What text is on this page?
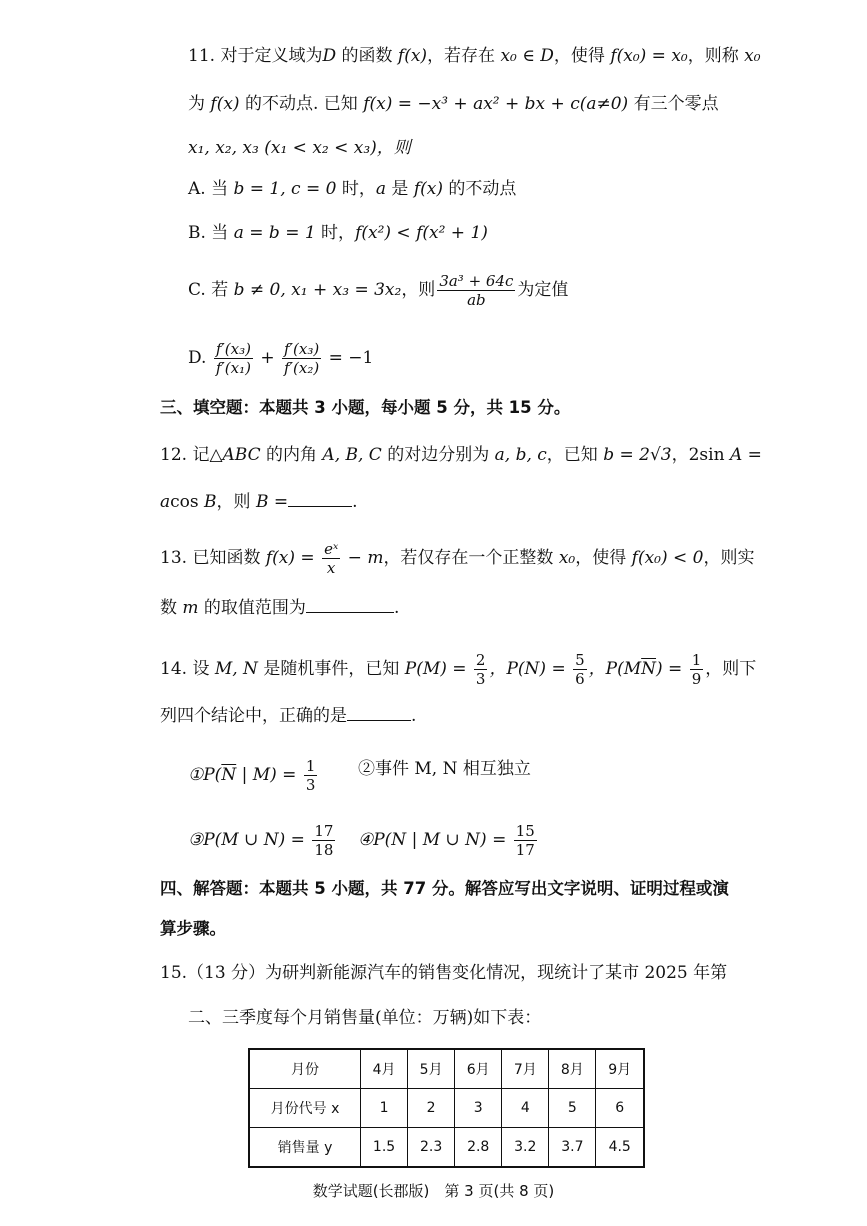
11. 对于定义域为D 的函数 f(x)，若存在 x₀ ∈ D，使得 f(x₀) = x₀，则称 x₀
为 f(x) 的不动点. 已知 f(x) = −x³ + ax² + bx + c(a≠0) 有三个零点
x₁, x₂, x₃ (x₁ < x₂ < x₃)，则
A. 当 b = 1, c = 0 时，a 是 f(x) 的不动点
B. 当 a = b = 1 时，f(x²) < f(x² + 1)
C. 若 b ≠ 0, x₁ + x₃ = 3x₂，则 $\frac{\text{3a³ + 64c}}{ab}$ 为定值
D. $\frac{\text{f′(x₃)}}{\text{f′(x₁)}} + \frac{\text{f′(x₃)}}{\text{f′(x₂)}} = -1$
三、填空题：本题共 3 小题，每小题 5 分，共 15 分。
12. 记△ABC 的内角 A, B, C 的对边分别为 a, b, c，已知 b = 2√3，2sin A =
acos B，则 B =	.
13. 已知函数 $f(x) = \frac{\text{eˣ}}{x} - m$，若仅存在一个正整数 x₀，使得 f(x₀) < 0，则实
数 m 的取值范围为	.
14. 设 M, N 是随机事件，已知 $P(M) = \frac{2}{3}$ ，$P(N) = \frac{5}{6}$ ，$P(M\overline{N}) = \frac{1}{9}$ ，则下
列四个结论中，正确的是	.
$①P(\overline{N}$ | $M) = \frac{1}{3}$ ②事件 M, N 相互独立
③P(M ∪ $N) = \frac{17}{18}$ ④P(N | M ∪ $N) = \frac{15}{17}$
四、解答题：本题共 5 小题，共 77 分。解答应写出文字说明、证明过程或演
算步骤。
15.（13 分）为研判新能源汽车的销售变化情况，现统计了某市 2025 年第
二、三季度每个月销售量(单位：万辆)如下表：
月份	4月	5月	6月	7月	8月	9月
月份代号 x	1	2	3	4	5	6
销售量 y	1.5	2.3	2.8	3.2	3.7	4.5
数学试题(长郡版)　第 3 页(共 8 页)
